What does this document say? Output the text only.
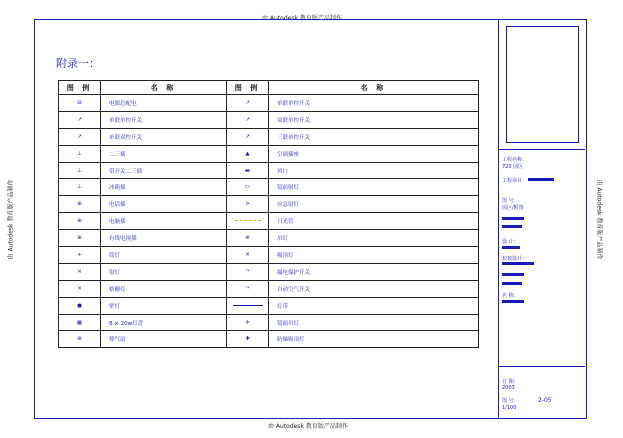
由 Autodesk 教育版产品制作
由 Autodesk 教育版产品制作
由 Autodesk 教育版产品制作	由 Autodesk 教育版产品制作
附录一：
图 例	名 称	图 例	名 称
⊟	电源总配电	↗	单联单控开关
↗	单联单控开关	↗	双联单控开关
↗	单联双控开关	↗	三联单控开关
⊥	二三插	▲	空调插座
⊥	带开关二三插	▬	风口
⊥	冰箱插	▭	镜前射灯
⊕	电话插	⋗	应急射灯
⊕	电脑插		日光管
⊕	有线电视插	⊗	吊灯
+	筒灯	✕	吸顶灯
✕	射灯	⤳	漏电保护开关
✕	格栅灯	⤳	自动空气开关
●	壁灯		灯带
▦	8 × 20w灯盘	✛	镜面吊灯
⊗	排气扇	✚	防爆吸顶灯
工程名称：
720 园区
工程项目：
图 号：
园区/附图
设 计：
校核设计：
名 称：
日 期：
2003
图 号：	2-05
1/100
